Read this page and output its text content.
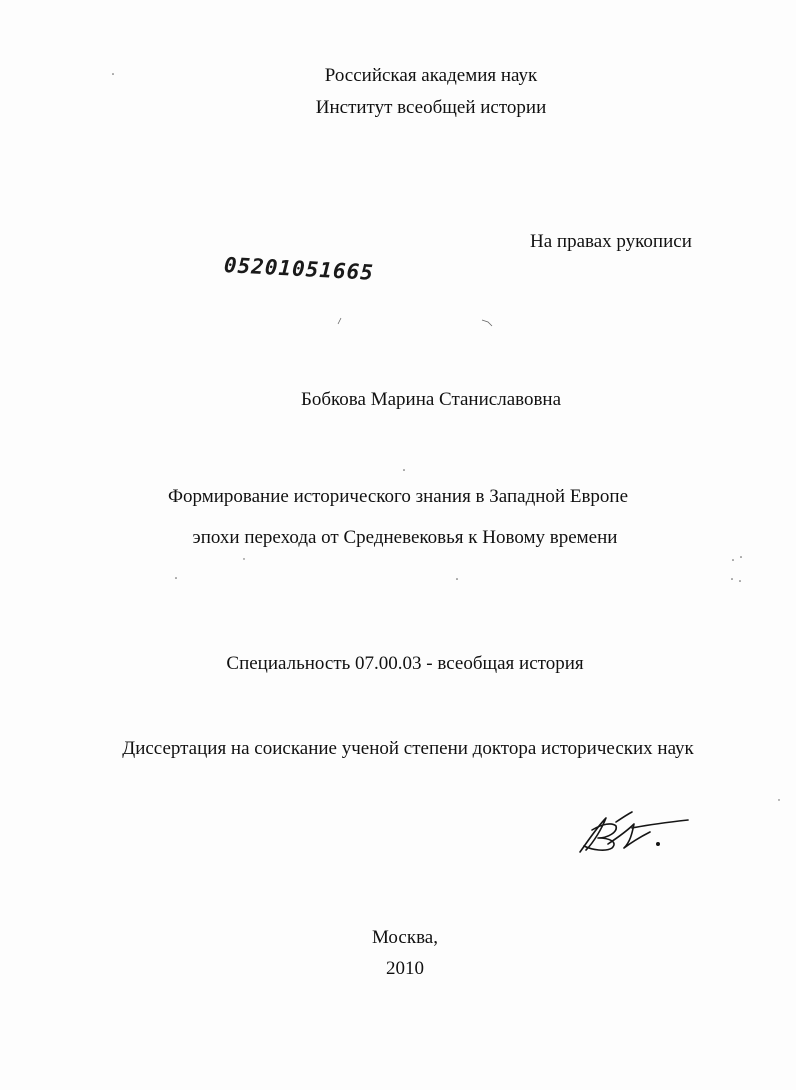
Российская академия наук
Институт всеобщей истории
На правах рукописи
05201051665
Бобкова Марина Станиславовна
Формирование исторического знания в Западной Европе
эпохи перехода от Средневековья к Новому времени
Специальность 07.00.03 - всеобщая история
Диссертация на соискание ученой степени доктора исторических наук
Москва,
2010
